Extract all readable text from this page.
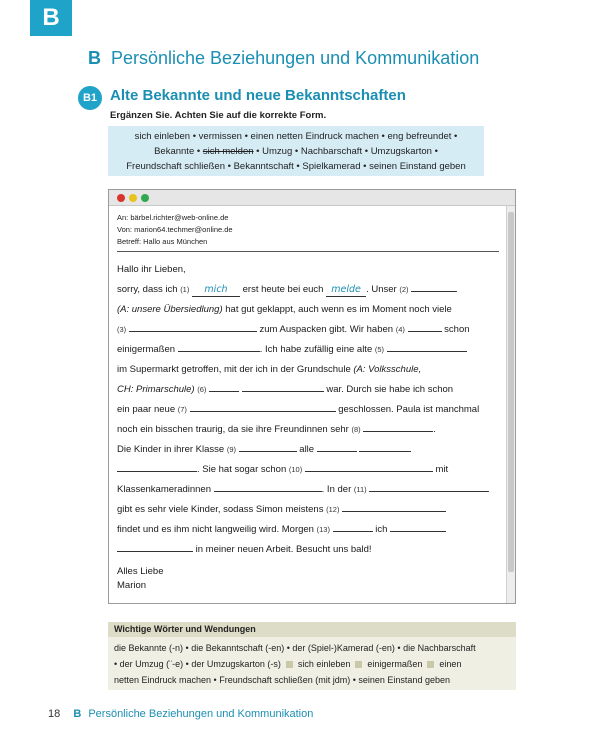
B
B Persönliche Beziehungen und Kommunikation
B1 Alte Bekannte und neue Bekanntschaften
Ergänzen Sie. Achten Sie auf die korrekte Form.
sich einleben • vermissen • einen netten Eindruck machen • eng befreundet •
Bekannte • sich melden • Umzug • Nachbarschaft • Umzugskarton •
Freundschaft schließen • Bekanntschaft • Spielkamerad • seinen Einstand geben
An: bärbel.richter@web-online.de
Von: marion64.techmer@online.de
Betreff: Hallo aus München
Hallo ihr Lieben,
sorry, dass ich (1) mich erst heute bei euch melde . Unser (2)
(A: unsere Übersiedlung) hat gut geklappt, auch wenn es im Moment noch viele
(3)	zum Auspacken gibt. Wir haben (4)	schon
einigermaßen	. Ich habe zufällig eine alte (5)
im Supermarkt getroffen, mit der ich in der Grundschule (A: Volksschule,
CH: Primarschule) (6)	war. Durch sie habe ich schon
ein paar neue (7)	geschlossen. Paula ist manchmal
noch ein bisschen traurig, da sie ihre Freundinnen sehr (8)	.
Die Kinder in ihrer Klasse (9)	alle
. Sie hat sogar schon (10)	mit
Klassenkameradinnen	. In der (11)
gibt es sehr viele Kinder, sodass Simon meistens (12)
findet und es ihm nicht langweilig wird. Morgen (13)	ich
in meiner neuen Arbeit. Besucht uns bald!
Alles Liebe
Marion
Wichtige Wörter und Wendungen
die Bekannte (-n) • die Bekanntschaft (-en) • der (Spiel-)Kamerad (-en) • die Nachbarschaft
• der Umzug (¨-e) • der Umzugskarton (-s) sich einleben einigermaßen einen
netten Eindruck machen • Freundschaft schließen (mit jdm) • seinen Einstand geben
18 B Persönliche Beziehungen und Kommunikation
